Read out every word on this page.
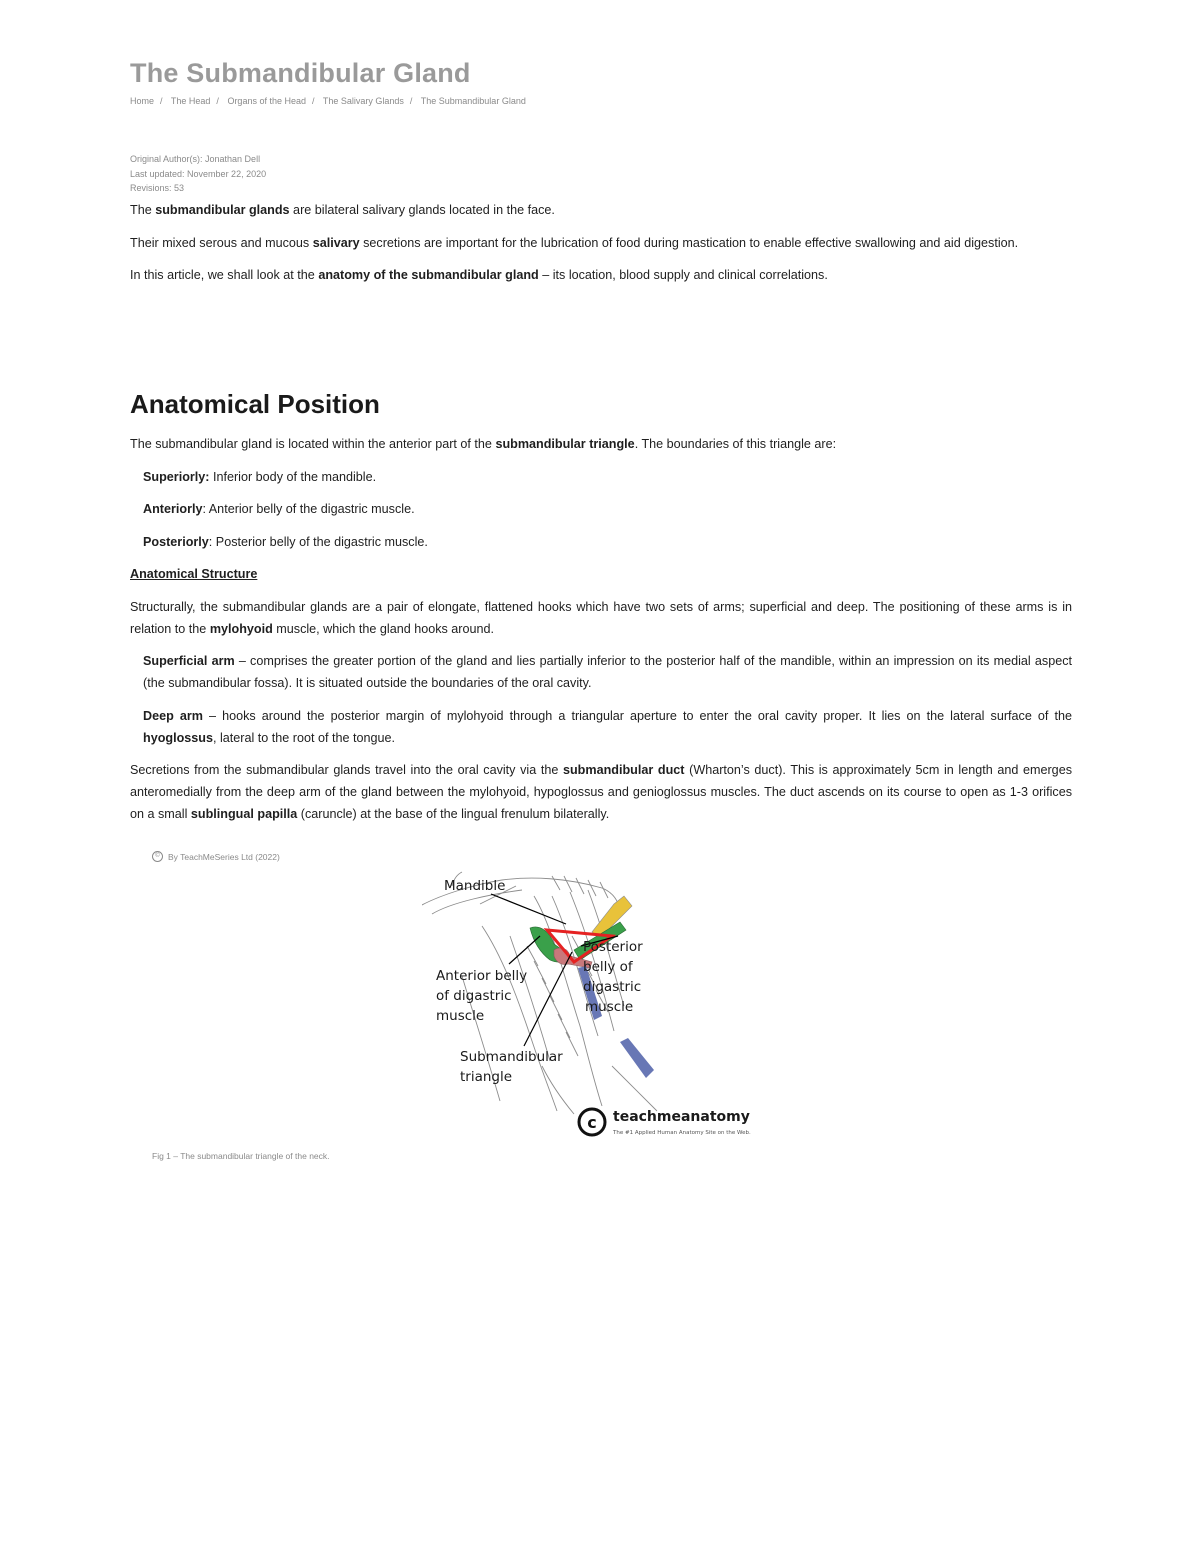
The Submandibular Gland
Home / The Head / Organs of the Head / The Salivary Glands / The Submandibular Gland
Original Author(s): Jonathan Dell
Last updated: November 22, 2020
Revisions: 53

The submandibular glands are bilateral salivary glands located in the face.

Their mixed serous and mucous salivary secretions are important for the lubrication of food during mastication to enable effective swallowing and aid digestion.

In this article, we shall look at the anatomy of the submandibular gland – its location, blood supply and clinical correlations.

Anatomical Position

The submandibular gland is located within the anterior part of the submandibular triangle. The boundaries of this triangle are:

Superiorly: Inferior body of the mandible.

Anteriorly: Anterior belly of the digastric muscle.

Posteriorly: Posterior belly of the digastric muscle.

Anatomical Structure

Structurally, the submandibular glands are a pair of elongate, flattened hooks which have two sets of arms; superficial and deep. The positioning of these arms is in relation to the mylohyoid muscle, which the gland hooks around.

Superficial arm – comprises the greater portion of the gland and lies partially inferior to the posterior half of the mandible, within an impression on its medial aspect (the submandibular fossa). It is situated outside the boundaries of the oral cavity.

Deep arm – hooks around the posterior margin of mylohyoid through a triangular aperture to enter the oral cavity proper. It lies on the lateral surface of the hyoglossus, lateral to the root of the tongue.

Secretions from the submandibular glands travel into the oral cavity via the submandibular duct (Wharton’s duct). This is approximately 5cm in length and emerges anteromedially from the deep arm of the gland between the mylohyoid, hypoglossus and genioglossus muscles. The duct ascends on its course to open as 1-3 orifices on a small sublingual papilla (caruncle) at the base of the lingual frenulum bilaterally.

© By TeachMeSeries Ltd (2022)
Mandible
Anterior belly
of digastric
muscle
Posterior
belly of
digastric
muscle
Submandibular
triangle
c teachmeanatomy
The #1 Applied Human Anatomy Site on the Web.
Fig 1 – The submandibular triangle of the neck.
